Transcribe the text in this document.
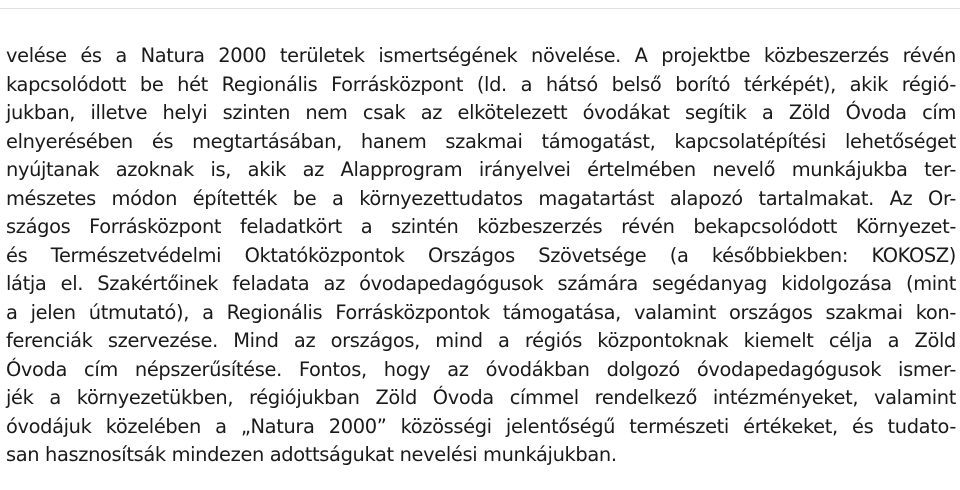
velése és a Natura 2000 területek ismertségének növelése. A projektbe közbeszerzés révén
kapcsolódott be hét Regionális Forrásközpont (ld. a hátsó belső borító térképét), akik régió-
jukban, illetve helyi szinten nem csak az elkötelezett óvodákat segítik a Zöld Óvoda cím
elnyerésében és megtartásában, hanem szakmai támogatást, kapcsolatépítési lehetőséget
nyújtanak azoknak is, akik az Alapprogram irányelvei értelmében nevelő munkájukba ter-
mészetes módon építették be a környezettudatos magatartást alapozó tartalmakat. Az Or-
szágos Forrásközpont feladatkört a szintén közbeszerzés révén bekapcsolódott Környezet-
és Természetvédelmi Oktatóközpontok Országos Szövetsége (a későbbiekben: KOKOSZ)
látja el. Szakértőinek feladata az óvodapedagógusok számára segédanyag kidolgozása (mint
a jelen útmutató), a Regionális Forrásközpontok támogatása, valamint országos szakmai kon-
ferenciák szervezése. Mind az országos, mind a régiós központoknak kiemelt célja a Zöld
Óvoda cím népszerűsítése. Fontos, hogy az óvodákban dolgozó óvodapedagógusok ismer-
jék a környezetükben, régiójukban Zöld Óvoda címmel rendelkező intézményeket, valamint
óvodájuk közelében a „Natura 2000” közösségi jelentőségű természeti értékeket, és tudato-
san hasznosítsák mindezen adottságukat nevelési munkájukban.
